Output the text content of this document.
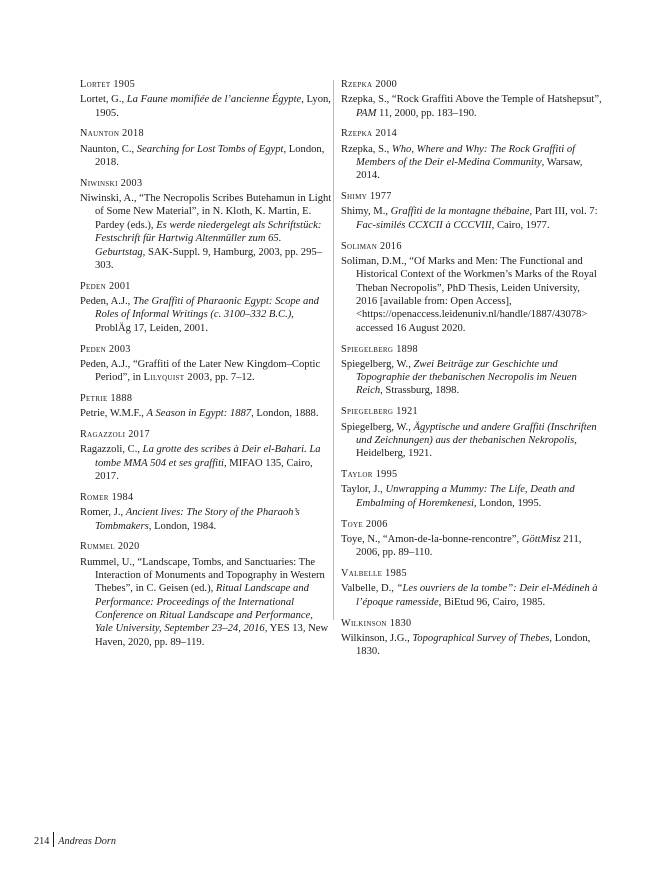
Lortet 1905

Lortet, G., La Faune momifiée de l’ancienne Égypte, Lyon, 1905.

Naunton 2018

Naunton, C., Searching for Lost Tombs of Egypt, London, 2018.

Niwinski 2003

Niwinski, A., “The Necropolis Scribes Butehamun in Light of Some New Material”, in N. Kloth, K. Martin, E. Pardey (eds.), Es werde niedergelegt als Schriftstück: Festschrift für Hartwig Altenmüller zum 65. Geburtstag, SAK-Suppl. 9, Hamburg, 2003, pp. 295–303.

Peden 2001

Peden, A.J., The Graffiti of Pharaonic Egypt: Scope and Roles of Informal Writings (c. 3100–332 B.C.), ProblÄg 17, Leiden, 2001.

Peden 2003

Peden, A.J., “Graffiti of the Later New Kingdom–Coptic Period”, in Lilyquist 2003, pp. 7–12.

Petrie 1888

Petrie, W.M.F., A Season in Egypt: 1887, London, 1888.

Ragazzoli 2017

Ragazzoli, C., La grotte des scribes à Deir el-Bahari. La tombe MMA 504 et ses graffiti, MIFAO 135, Cairo, 2017.

Romer 1984

Romer, J., Ancient lives: The Story of the Pharaoh’s Tombmakers, London, 1984.

Rummel 2020

Rummel, U., “Landscape, Tombs, and Sanctuaries: The Interaction of Monuments and Topography in Western Thebes”, in C. Geisen (ed.), Ritual Landscape and Performance: Proceedings of the International Conference on Ritual Landscape and Performance, Yale University, September 23–24, 2016, YES 13, New Haven, 2020, pp. 89–119.

Rzepka 2000

Rzepka, S., “Rock Graffiti Above the Temple of Hatshepsut”, PAM 11, 2000, pp. 183–190.

Rzepka 2014

Rzepka, S., Who, Where and Why: The Rock Graffiti of Members of the Deir el-Medina Community, Warsaw, 2014.

Shimy 1977

Shimy, M., Graffiti de la montagne thébaine, Part III, vol. 7: Fac-similés CCXCII à CCCVIII, Cairo, 1977.

Soliman 2016

Soliman, D.M., “Of Marks and Men: The Functional and Historical Context of the Workmen’s Marks of the Royal Theban Necropolis”, PhD Thesis, Leiden University, 2016 [available from: Open Access], <https://openaccess.leidenuniv.nl/handle/1887/43078> accessed 16 August 2020.

Spiegelberg 1898

Spiegelberg, W., Zwei Beiträge zur Geschichte und Topographie der thebanischen Necropolis im Neuen Reich, Strassburg, 1898.

Spiegelberg 1921

Spiegelberg, W., Ägyptische und andere Graffiti (Inschriften und Zeichnungen) aus der thebanischen Nekropolis, Heidelberg, 1921.

Taylor 1995

Taylor, J., Unwrapping a Mummy: The Life, Death and Embalming of Horemkenesi, London, 1995.

Toye 2006

Toye, N., “Amon-de-la-bonne-rencontre”, GöttMisz 211, 2006, pp. 89–110.

Valbelle 1985

Valbelle, D., “Les ouvriers de la tombe”: Deir el-Médineh à l’époque ramesside, BiEtud 96, Cairo, 1985.

Wilkinson 1830

Wilkinson, J.G., Topographical Survey of Thebes, London, 1830.

214 Andreas Dorn
